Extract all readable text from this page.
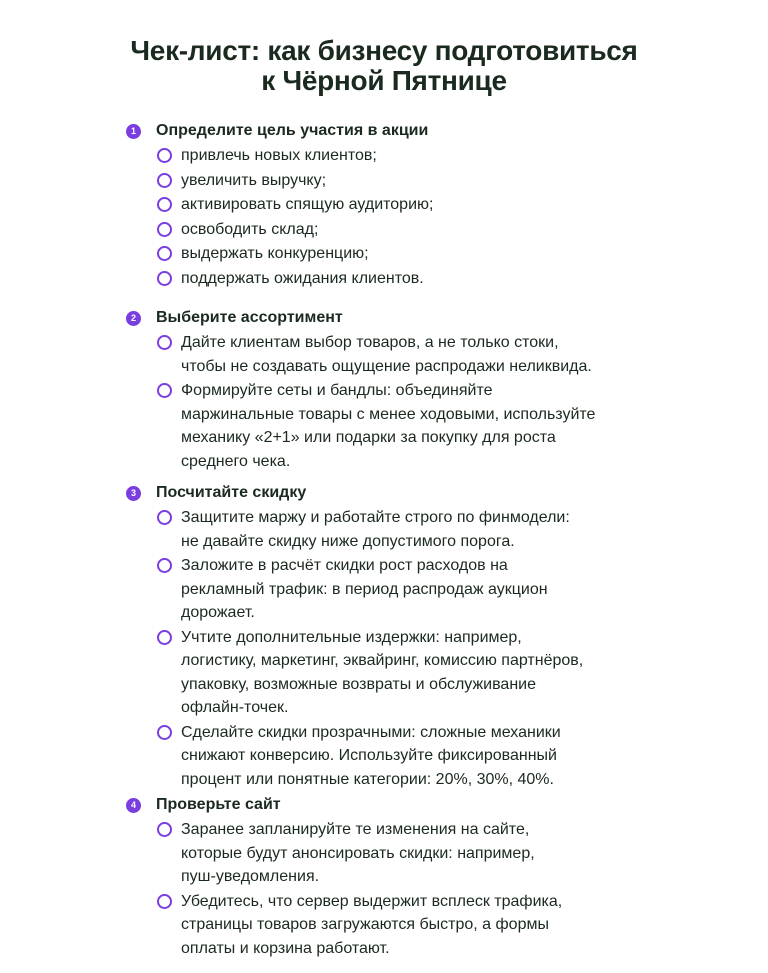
Чек-лист: как бизнесу подготовиться
к Чёрной Пятнице
1	Определите цель участия в акции
привлечь новых клиентов;
увеличить выручку;
активировать спящую аудиторию;
освободить склад;
выдержать конкуренцию;
поддержать ожидания клиентов.
2	Выберите ассортимент
Дайте клиентам выбор товаров, а не только стоки,
чтобы не создавать ощущение распродажи неликвида.
Формируйте сеты и бандлы: объединяйте
маржинальные товары с менее ходовыми, используйте
механику «2+1» или подарки за покупку для роста
среднего чека.
3	Посчитайте скидку
Защитите маржу и работайте строго по финмодели:
не давайте скидку ниже допустимого порога.
Заложите в расчёт скидки рост расходов на
рекламный трафик: в период распродаж аукцион
дорожает.
Учтите дополнительные издержки: например,
логистику, маркетинг, эквайринг, комиссию партнёров,
упаковку, возможные возвраты и обслуживание
офлайн-точек.
Сделайте скидки прозрачными: сложные механики
снижают конверсию. Используйте фиксированный
процент или понятные категории: 20%, 30%, 40%.
4	Проверьте сайт
Заранее запланируйте те изменения на сайте,
которые будут анонсировать скидки: например,
пуш-уведомления.
Убедитесь, что сервер выдержит всплеск трафика,
страницы товаров загружаются быстро, а формы
оплаты и корзина работают.
